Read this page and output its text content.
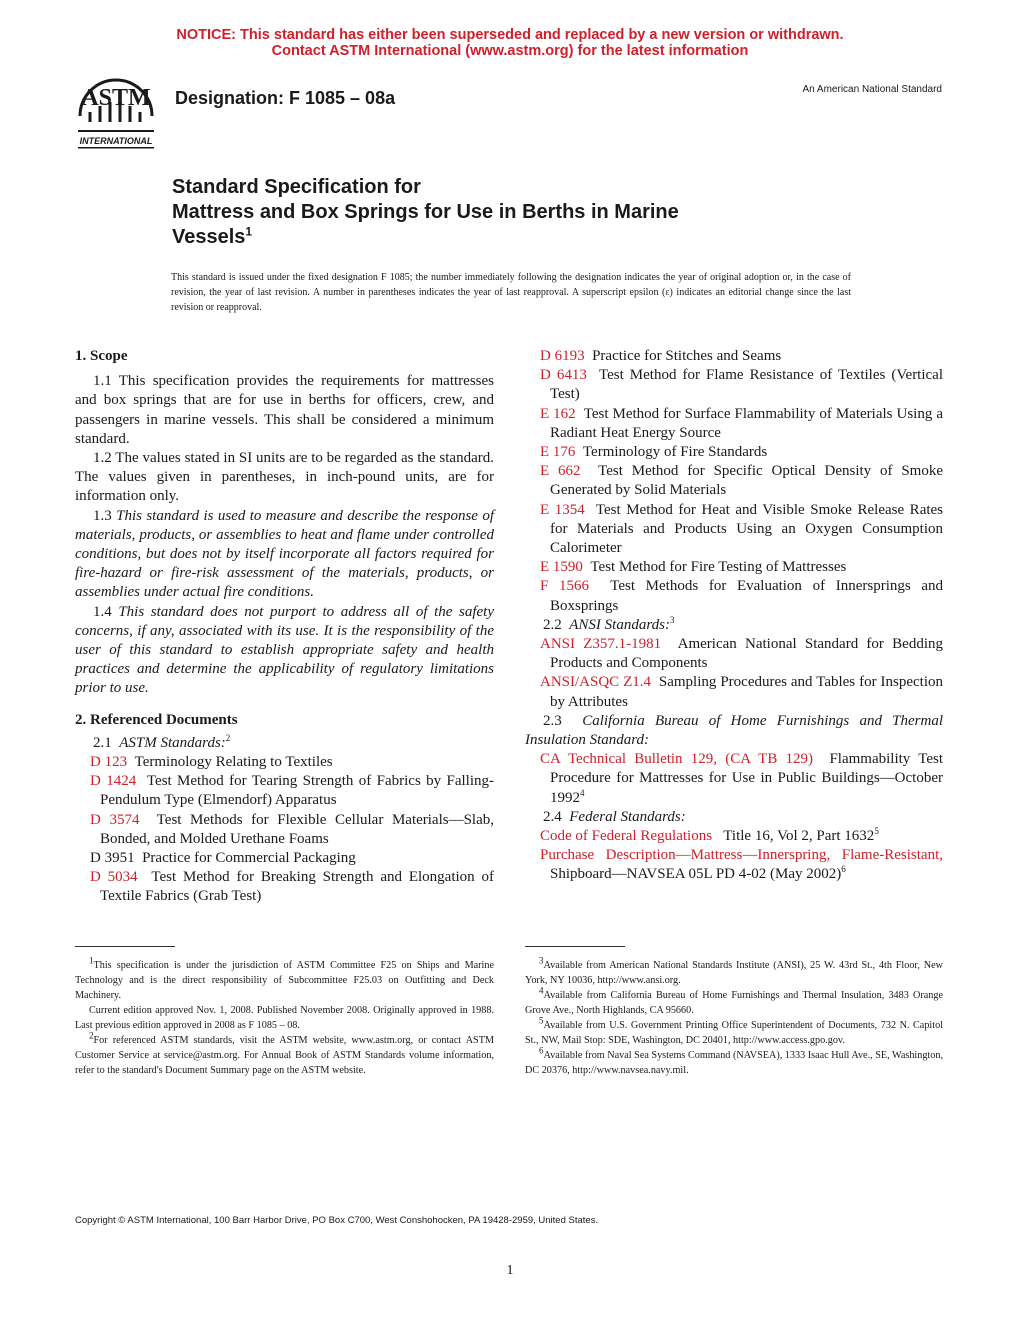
NOTICE: This standard has either been superseded and replaced by a new version or withdrawn.
Contact ASTM International (www.astm.org) for the latest information
ASTM
INTERNATIONAL
Designation: F 1085 – 08a	An American National Standard
Standard Specification for
Mattress and Box Springs for Use in Berths in Marine
Vessels$^1$
This standard is issued under the fixed designation F 1085; the number immediately following the designation indicates the year of original adoption or, in the case of revision, the year of last revision. A number in parentheses indicates the year of last reapproval. A superscript epsilon (ε) indicates an editorial change since the last revision or reapproval.

1. Scope

1.1 This specification provides the requirements for mattresses and box springs that are for use in berths for officers, crew, and passengers in marine vessels. This shall be considered a minimum standard.

1.2 The values stated in SI units are to be regarded as the standard. The values given in parentheses, in inch-pound units, are for information only.

1.3 This standard is used to measure and describe the response of materials, products, or assemblies to heat and flame under controlled conditions, but does not by itself incorporate all factors required for fire-hazard or fire-risk assessment of the materials, products, or assemblies under actual fire conditions.

1.4 This standard does not purport to address all of the safety concerns, if any, associated with its use. It is the responsibility of the user of this standard to establish appropriate safety and health practices and determine the applicability of regulatory limitations prior to use.

2. Referenced Documents

2.1 ASTM Standards:$^2$

D 123 Terminology Relating to Textiles

D 1424 Test Method for Tearing Strength of Fabrics by Falling-Pendulum Type (Elmendorf) Apparatus

D 3574 Test Methods for Flexible Cellular Materials—Slab, Bonded, and Molded Urethane Foams

D 3951 Practice for Commercial Packaging

D 5034 Test Method for Breaking Strength and Elongation of Textile Fabrics (Grab Test)

D 6193 Practice for Stitches and Seams

D 6413 Test Method for Flame Resistance of Textiles (Vertical Test)

E 162 Test Method for Surface Flammability of Materials Using a Radiant Heat Energy Source

E 176 Terminology of Fire Standards

E 662 Test Method for Specific Optical Density of Smoke Generated by Solid Materials

E 1354 Test Method for Heat and Visible Smoke Release Rates for Materials and Products Using an Oxygen Consumption Calorimeter

E 1590 Test Method for Fire Testing of Mattresses

F 1566 Test Methods for Evaluation of Innersprings and Boxsprings

2.2 ANSI Standards:$^3$

ANSI Z357.1-1981 American National Standard for Bedding Products and Components

ANSI/ASQC Z1.4 Sampling Procedures and Tables for Inspection by Attributes

2.3 California Bureau of Home Furnishings and Thermal Insulation Standard:

CA Technical Bulletin 129, (CA TB 129) Flammability Test Procedure for Mattresses for Use in Public Buildings—October 1992$^4$

2.4 Federal Standards:

Code of Federal Regulations Title 16, Vol 2, Part 1632$^5$

Purchase Description—Mattress—Innerspring, Flame-Resistant, Shipboard—NAVSEA 05L PD 4-02 (May 2002)$^6$

$^1$This specification is under the jurisdiction of ASTM Committee F25 on Ships and Marine Technology and is the direct responsibility of Subcommittee F25.03 on Outfitting and Deck Machinery.

Current edition approved Nov. 1, 2008. Published November 2008. Originally approved in 1988. Last previous edition approved in 2008 as F 1085 – 08.

$^2$For referenced ASTM standards, visit the ASTM website, www.astm.org, or contact ASTM Customer Service at service@astm.org. For Annual Book of ASTM Standards volume information, refer to the standard's Document Summary page on the ASTM website.

$^3$Available from American National Standards Institute (ANSI), 25 W. 43rd St., 4th Floor, New York, NY 10036, http://www.ansi.org.

$^4$Available from California Bureau of Home Furnishings and Thermal Insulation, 3483 Orange Grove Ave., North Highlands, CA 95660.

$^5$Available from U.S. Government Printing Office Superintendent of Documents, 732 N. Capitol St., NW, Mail Stop: SDE, Washington, DC 20401, http://www.access.gpo.gov.

$^6$Available from Naval Sea Systems Command (NAVSEA), 1333 Isaac Hull Ave., SE, Washington, DC 20376, http://www.navsea.navy.mil.

Copyright © ASTM International, 100 Barr Harbor Drive, PO Box C700, West Conshohocken, PA 19428-2959, United States.
1
